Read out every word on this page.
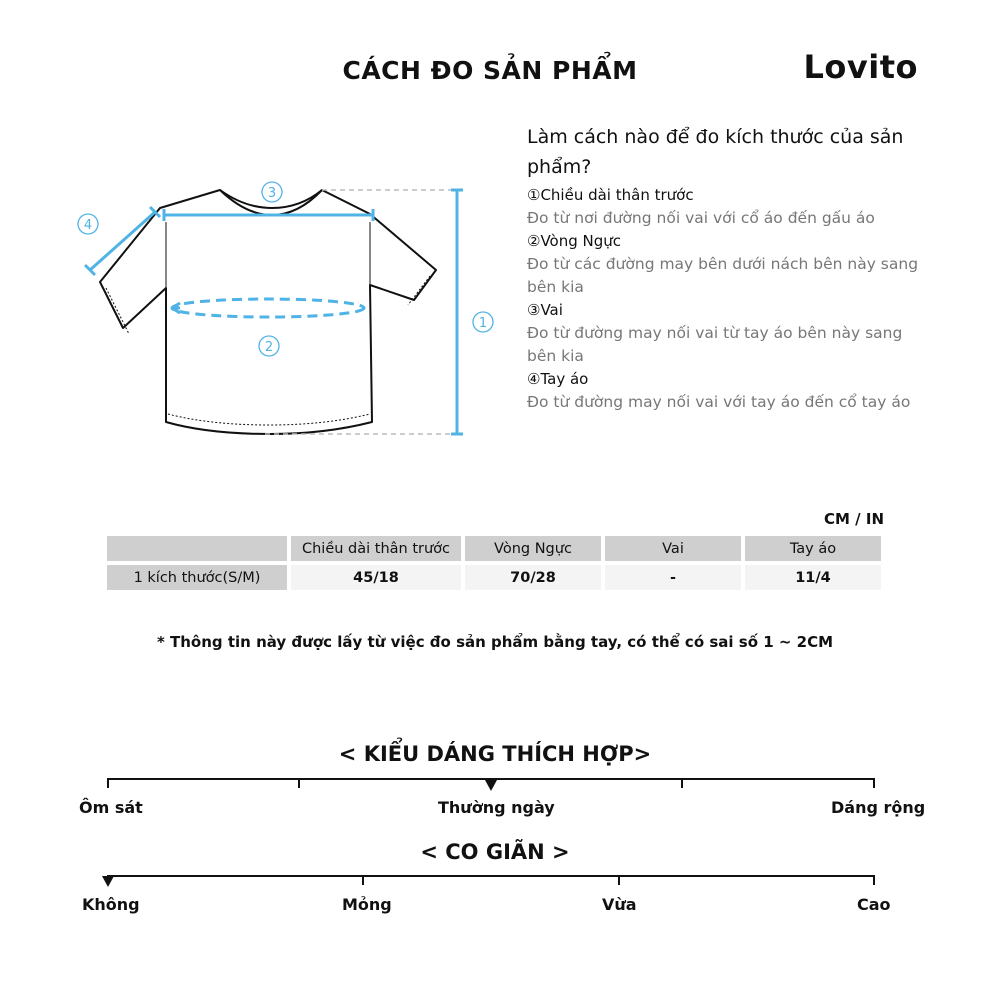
CÁCH ĐO SẢN PHẨM	Lovito
1
2
3
4
Làm cách nào để đo kích thước của sản phẩm?
①Chiều dài thân trước
Đo từ nơi đường nối vai với cổ áo đến gấu áo
②Vòng Ngực
Đo từ các đường may bên dưới nách bên này sang bên kia
③Vai
Đo từ đường may nối vai từ tay áo bên này sang bên kia
④Tay áo
Đo từ đường may nối vai với tay áo đến cổ tay áo
CM / IN
	Chiều dài thân trước	Vòng Ngực	Vai	Tay áo
1 kích thước(S/M)	45/18	70/28	-	11/4
* Thông tin này được lấy từ việc đo sản phẩm bằng tay, có thể có sai số 1 ~ 2CM
< KIỂU DÁNG THÍCH HỢP>
Ôm sát	Thường ngày	Dáng rộng
< CO GIÃN >
Không	Mỏng	Vừa	Cao
